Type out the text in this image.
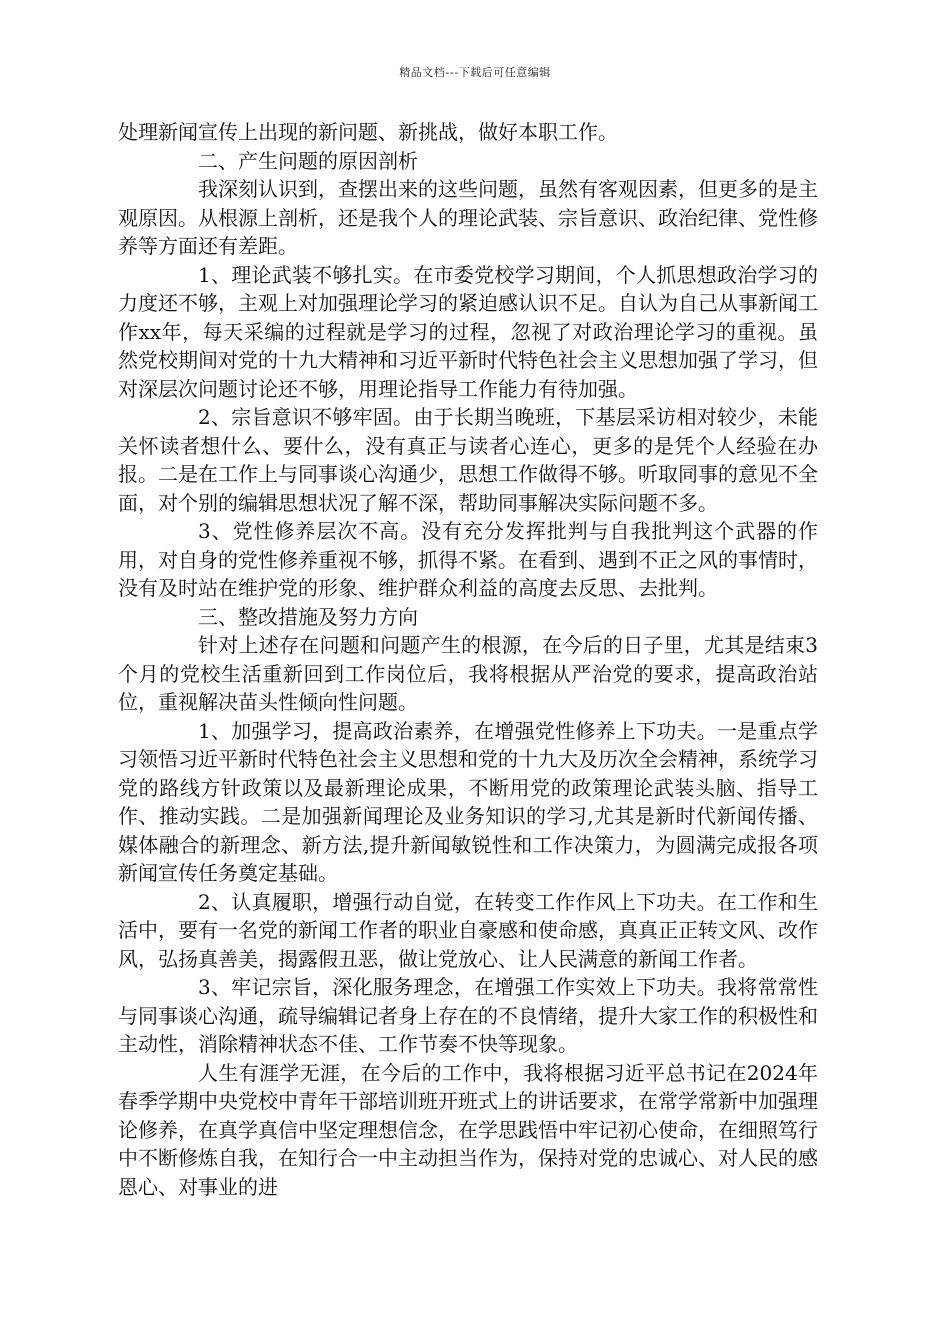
精品文档---下载后可任意编辑

处理新闻宣传上出现的新问题、新挑战，做好本职工作。

二、产生问题的原因剖析

我深刻认识到，查摆出来的这些问题，虽然有客观因素，但更多的是主观原因。从根源上剖析，还是我个人的理论武装、宗旨意识、政治纪律、党性修养等方面还有差距。

1、理论武装不够扎实。在市委党校学习期间，个人抓思想政治学习的力度还不够，主观上对加强理论学习的紧迫感认识不足。自认为自己从事新闻工作xx年，每天采编的过程就是学习的过程，忽视了对政治理论学习的重视。虽然党校期间对党的十九大精神和习近平新时代特色社会主义思想加强了学习，但对深层次问题讨论还不够，用理论指导工作能力有待加强。

2、宗旨意识不够牢固。由于长期当晚班，下基层采访相对较少，未能关怀读者想什么、要什么，没有真正与读者心连心，更多的是凭个人经验在办报。二是在工作上与同事谈心沟通少，思想工作做得不够。听取同事的意见不全面，对个别的编辑思想状况了解不深，帮助同事解决实际问题不多。

3、党性修养层次不高。没有充分发挥批判与自我批判这个武器的作用，对自身的党性修养重视不够，抓得不紧。在看到、遇到不正之风的事情时，没有及时站在维护党的形象、维护群众利益的高度去反思、去批判。

三、整改措施及努力方向

针对上述存在问题和问题产生的根源，在今后的日子里，尤其是结束3个月的党校生活重新回到工作岗位后，我将根据从严治党的要求，提高政治站位，重视解决苗头性倾向性问题。

1、加强学习，提高政治素养，在增强党性修养上下功夫。一是重点学习领悟习近平新时代特色社会主义思想和党的十九大及历次全会精神，系统学习党的路线方针政策以及最新理论成果，不断用党的政策理论武装头脑、指导工作、推动实践。二是加强新闻理论及业务知识的学习,尤其是新时代新闻传播、媒体融合的新理念、新方法,提升新闻敏锐性和工作决策力，为圆满完成报各项新闻宣传任务奠定基础。

2、认真履职，增强行动自觉，在转变工作作风上下功夫。在工作和生活中，要有一名党的新闻工作者的职业自豪感和使命感，真真正正转文风、改作风，弘扬真善美，揭露假丑恶，做让党放心、让人民满意的新闻工作者。

3、牢记宗旨，深化服务理念，在增强工作实效上下功夫。我将常常性与同事谈心沟通，疏导编辑记者身上存在的不良情绪，提升大家工作的积极性和主动性，消除精神状态不佳、工作节奏不快等现象。

人生有涯学无涯，在今后的工作中，我将根据习近平总书记在2024年春季学期中央党校中青年干部培训班开班式上的讲话要求，在常学常新中加强理论修养，在真学真信中坚定理想信念，在学思践悟中牢记初心使命，在细照笃行中不断修炼自我，在知行合一中主动担当作为，保持对党的忠诚心、对人民的感恩心、对事业的进
